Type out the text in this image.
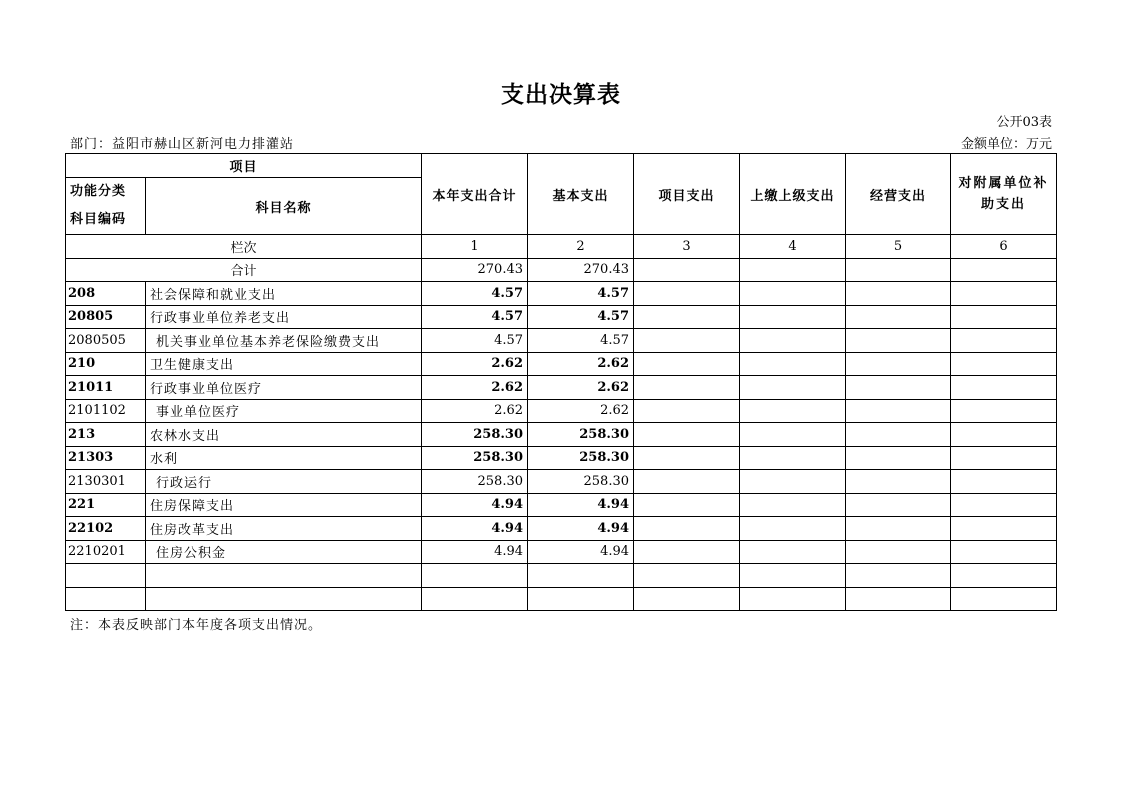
支出决算表
公开03表
部门：益阳市赫山区新河电力排灌站	金额单位：万元
项目		本年支出合计	基本支出	项目支出	上缴上级支出	经营支出	对附属单位补助支出

功能分类
科目编码	科目名称						
栏次		1	2	3	4	5	6
合计		270.43	270.43				
208	社会保障和就业支出	4.57	4.57				
20805	行政事业单位养老支出	4.57	4.57				
2080505	机关事业单位基本养老保险缴费支出	4.57	4.57				
210	卫生健康支出	2.62	2.62				
21011	行政事业单位医疗	2.62	2.62				
2101102	事业单位医疗	2.62	2.62				
213	农林水支出	258.30	258.30				
21303	水利	258.30	258.30				
2130301	行政运行	258.30	258.30				
221	住房保障支出	4.94	4.94				
22102	住房改革支出	4.94	4.94				
2210201	住房公积金	4.94	4.94				

注：本表反映部门本年度各项支出情况。
